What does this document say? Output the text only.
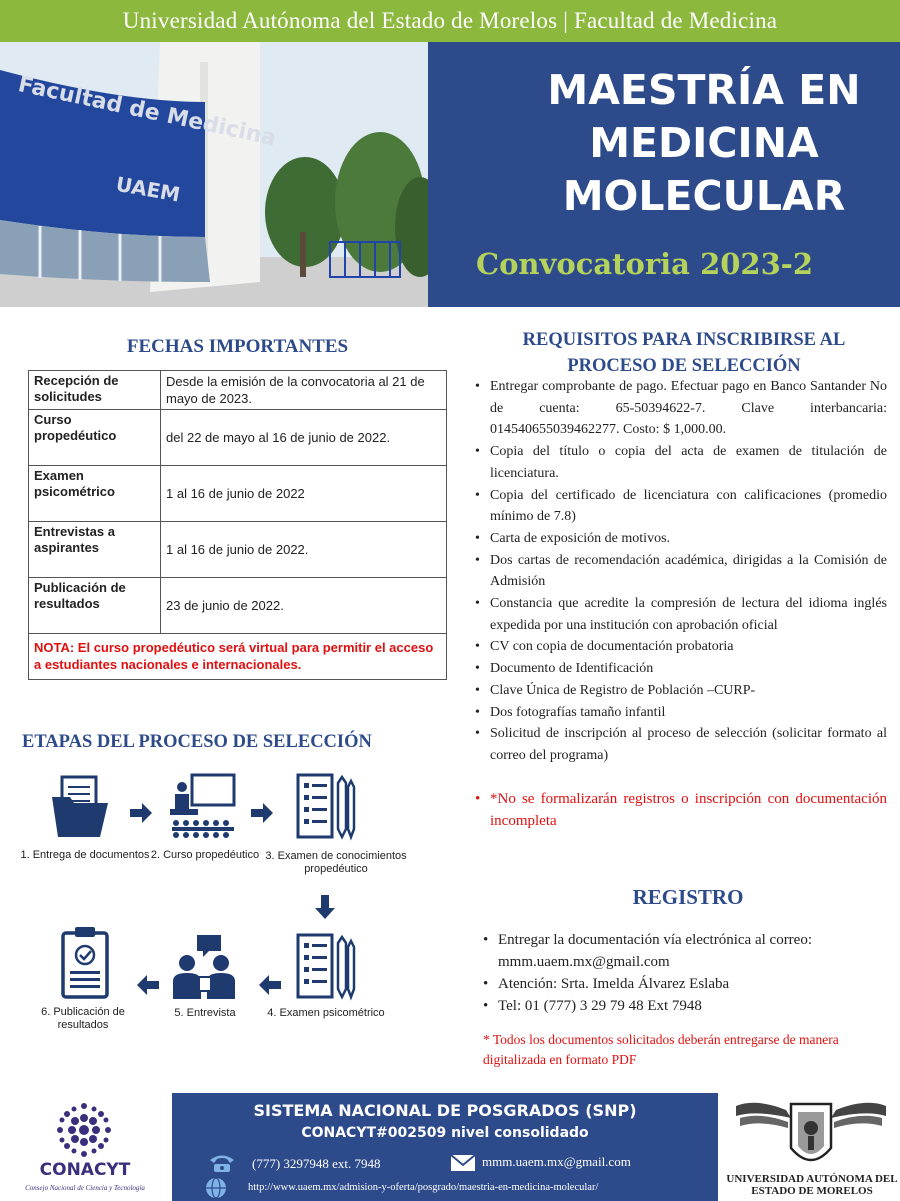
Universidad Autónoma del Estado de Morelos | Facultad de Medicina
Facultad de Medicina
UAEM
MAESTRÍA EN
MEDICINA
MOLECULAR
Convocatoria 2023-2
FECHAS IMPORTANTES
Recepción de solicitudes	Desde la emisión de la convocatoria al 21 de mayo de 2023.
Curso propedéutico	del 22 de mayo al 16 de junio de 2022.
Examen psicométrico	1 al 16 de junio de 2022
Entrevistas a aspirantes	1 al 16 de junio de 2022.
Publicación de resultados	23 de junio de 2022.
NOTA: El curso propedéutico será virtual para permitir el acceso a estudiantes nacionales e internacionales.	
REQUISITOS PARA INSCRIBIRSE AL PROCESO DE SELECCIÓN
• Entregar comprobante de pago. Efectuar pago en Banco Santander No de cuenta: 65-50394622-7. Clave interbancaria: 014540655039462277. Costo: $ 1,000.00.
• Copia del título o copia del acta de examen de titulación de licenciatura.
• Copia del certificado de licenciatura con calificaciones (promedio mínimo de 7.8)
• Carta de exposición de motivos.
• Dos cartas de recomendación académica, dirigidas a la Comisión de Admisión
• Constancia que acredite la compresión de lectura del idioma inglés expedida por una institución con aprobación oficial
• CV con copia de documentación probatoria
• Documento de Identificación
• Clave Única de Registro de Población –CURP-
• Dos fotografías tamaño infantil
• Solicitud de inscripción al proceso de selección (solicitar formato al correo del programa)
• *No se formalizarán registros o inscripción con documentación incompleta
ETAPAS DEL PROCESO DE SELECCIÓN
1. Entrega de documentos 2. Curso propedéutico 3. Examen de conocimientos propedéutico
4. Examen psicométrico
5. Entrevista
6. Publicación de resultados
REGISTRO
• Entregar la documentación vía electrónica al correo: mmm.uaem.mx@gmail.com
• Atención: Srta. Imelda Álvarez Eslaba
• Tel: 01 (777) 3 29 79 48 Ext 7948
* Todos los documentos solicitados deberán entregarse de manera digitalizada en formato PDF
CONACYT
Consejo Nacional de Ciencia y Tecnología
SISTEMA NACIONAL DE POSGRADOS (SNP)
CONACYT#002509 nivel consolidado
(777) 3297948 ext. 7948	mmm.uaem.mx@gmail.com
http://www.uaem.mx/admision-y-oferta/posgrado/maestria-en-medicina-molecular/
UNIVERSIDAD AUTÓNOMA DEL
ESTADO DE MORELOS
